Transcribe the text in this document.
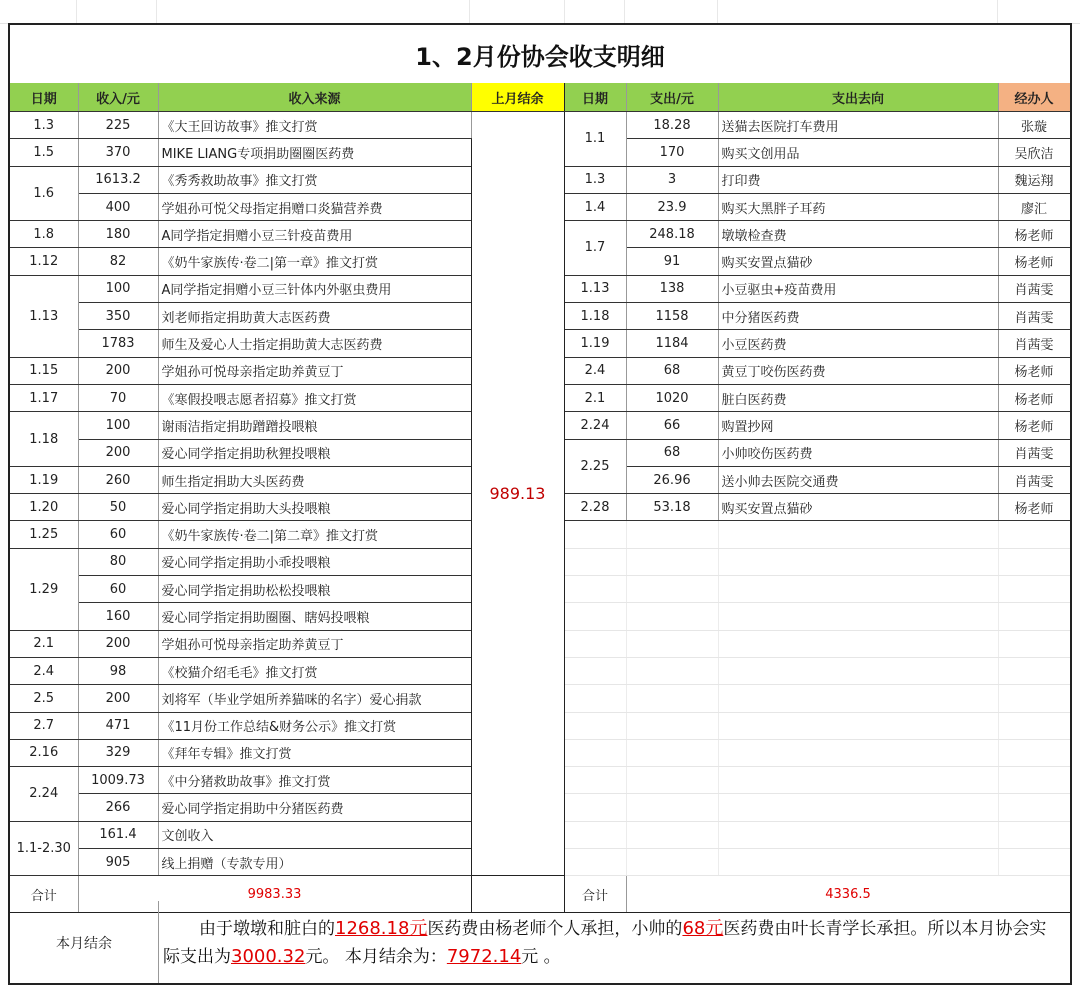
1、2月份协会收支明细
日期	收入/元	收入来源	上月结余	日期	支出/元	支出去向	经办人
1.3	225	《大王回访故事》推文打赏	989.13	1.1	18.28	送猫去医院打车费用	张璇
1.5	370	MIKE LIANG专项捐助圈圈医药费			170	购买文创用品	吴欣洁
1.6	1613.2	《秀秀救助故事》推文打赏		1.3	3	打印费	魏运翔
	400	学姐孙可悦父母指定捐赠口炎猫营养费		1.4	23.9	购买大黑胖子耳药	廖汇
1.8	180	A同学指定捐赠小豆三针疫苗费用		1.7	248.18	墩墩检查费	杨老师
1.12	82	《奶牛家族传·卷二|第一章》推文打赏			91	购买安置点猫砂	杨老师
1.13	100	A同学指定捐赠小豆三针体内外驱虫费用		1.13	138	小豆驱虫+疫苗费用	肖茜雯
	350	刘老师指定捐助黄大志医药费		1.18	1158	中分猪医药费	肖茜雯
	1783	师生及爱心人士指定捐助黄大志医药费		1.19	1184	小豆医药费	肖茜雯
1.15	200	学姐孙可悦母亲指定助养黄豆丁		2.4	68	黄豆丁咬伤医药费	杨老师
1.17	70	《寒假投喂志愿者招募》推文打赏		2.1	1020	脏白医药费	杨老师
1.18	100	谢雨洁指定捐助蹭蹭投喂粮		2.24	66	购置抄网	杨老师
	200	爱心同学指定捐助秋狸投喂粮		2.25	68	小帅咬伤医药费	肖茜雯
1.19	260	师生指定捐助大头医药费			26.96	送小帅去医院交通费	肖茜雯
1.20	50	爱心同学指定捐助大头投喂粮		2.28	53.18	购买安置点猫砂	杨老师
1.25	60	《奶牛家族传·卷二|第二章》推文打赏					
1.29	80	爱心同学指定捐助小乖投喂粮					
	60	爱心同学指定捐助松松投喂粮					
	160	爱心同学指定捐助圈圈、瞎妈投喂粮					
2.1	200	学姐孙可悦母亲指定助养黄豆丁					
2.4	98	《校猫介绍毛毛》推文打赏					
2.5	200	刘将军（毕业学姐所养猫咪的名字）爱心捐款					
2.7	471	《11月份工作总结&财务公示》推文打赏					
2.16	329	《拜年专辑》推文打赏					
2.24	1009.73	《中分猪救助故事》推文打赏					
	266	爱心同学指定捐助中分猪医药费					
1.1-2.30	161.4	文创收入					
	905	线上捐赠（专款专用）					
合计	9983.33			合计	4336.5		
本月结余
由于墩墩和脏白的1268.18元医药费由杨老师个人承担，小帅的68元医药费由叶长青学长承担。所以本月协会实际支出为3000.32元。 本月结余为：7972.14元 。
